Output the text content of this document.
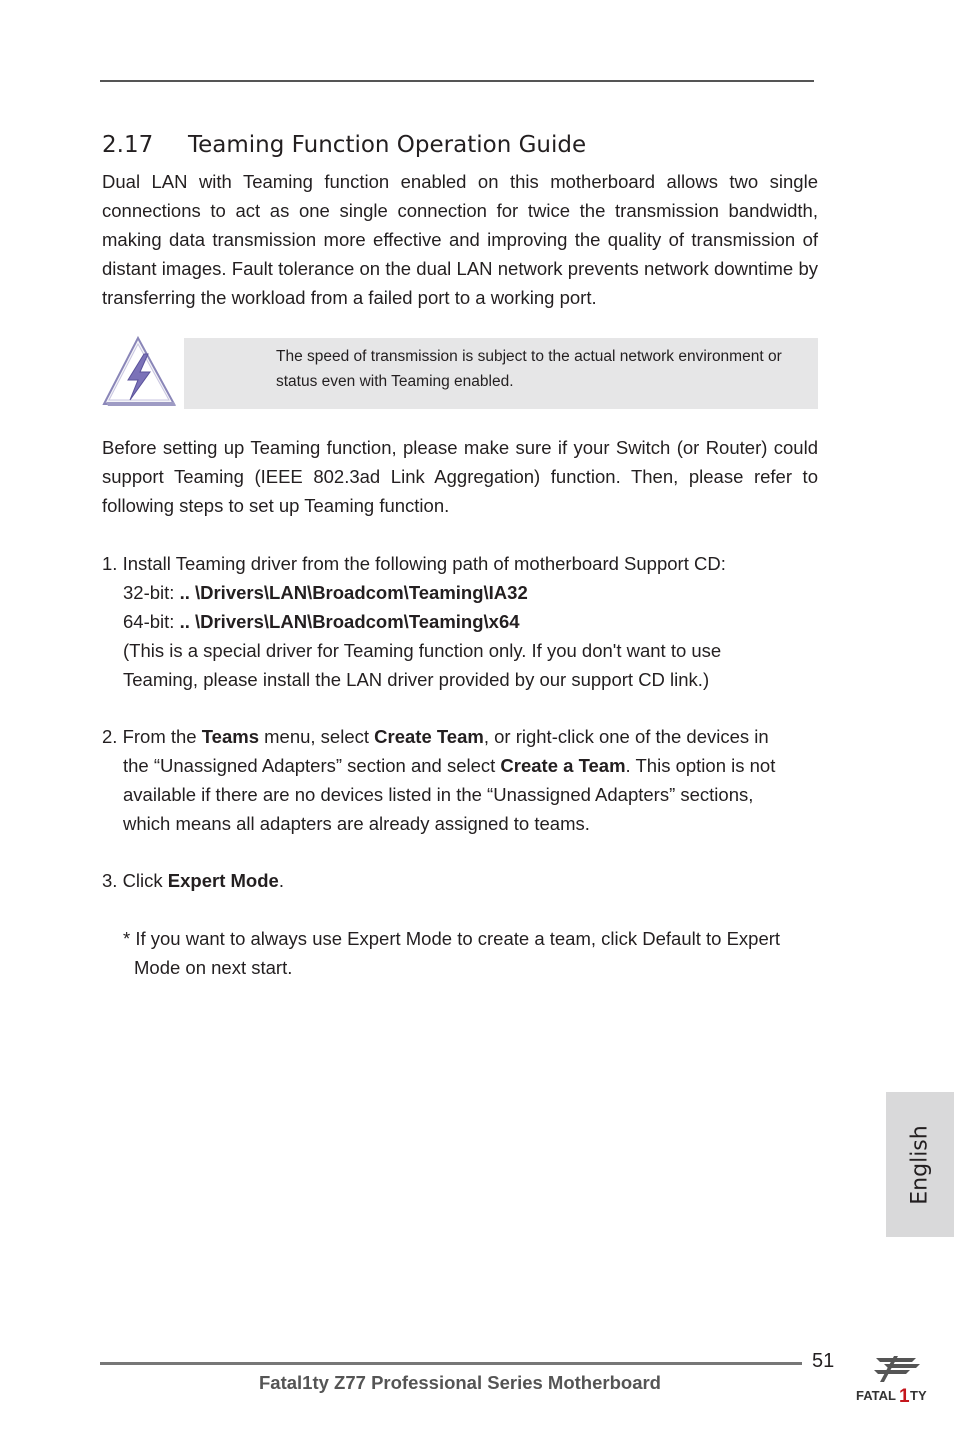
2.17 Teaming Function Operation Guide

Dual LAN with Teaming function enabled on this motherboard allows two single connections to act as one single connection for twice the transmission bandwidth, making data transmission more effective and improving the quality of transmission of distant images. Fault tolerance on the dual LAN network prevents network downtime by transferring the workload from a failed port to a working port.

The speed of transmission is subject to the actual network environment or status even with Teaming enabled.

Before setting up Teaming function, please make sure if your Switch (or Router) could support Teaming (IEEE 802.3ad Link Aggregation) function. Then, please refer to following steps to set up Teaming function.

1. Install Teaming driver from the following path of motherboard Support CD:

32-bit: .. \Drivers\LAN\Broadcom\Teaming\IA32

64-bit: .. \Drivers\LAN\Broadcom\Teaming\x64

(This is a special driver for Teaming function only. If you don't want to use

Teaming, please install the LAN driver provided by our support CD link.)

2. From the Teams menu, select Create Team, or right-click one of the devices in

the “Unassigned Adapters” section and select Create a Team. This option is not

available if there are no devices listed in the “Unassigned Adapters” sections,

which means all adapters are already assigned to teams.

3. Click Expert Mode.

* If you want to always use Expert Mode to create a team, click Default to Expert
Mode on next start.
English
51
Fatal1ty Z77 Professional Series Motherboard
FATAL 1 TY
